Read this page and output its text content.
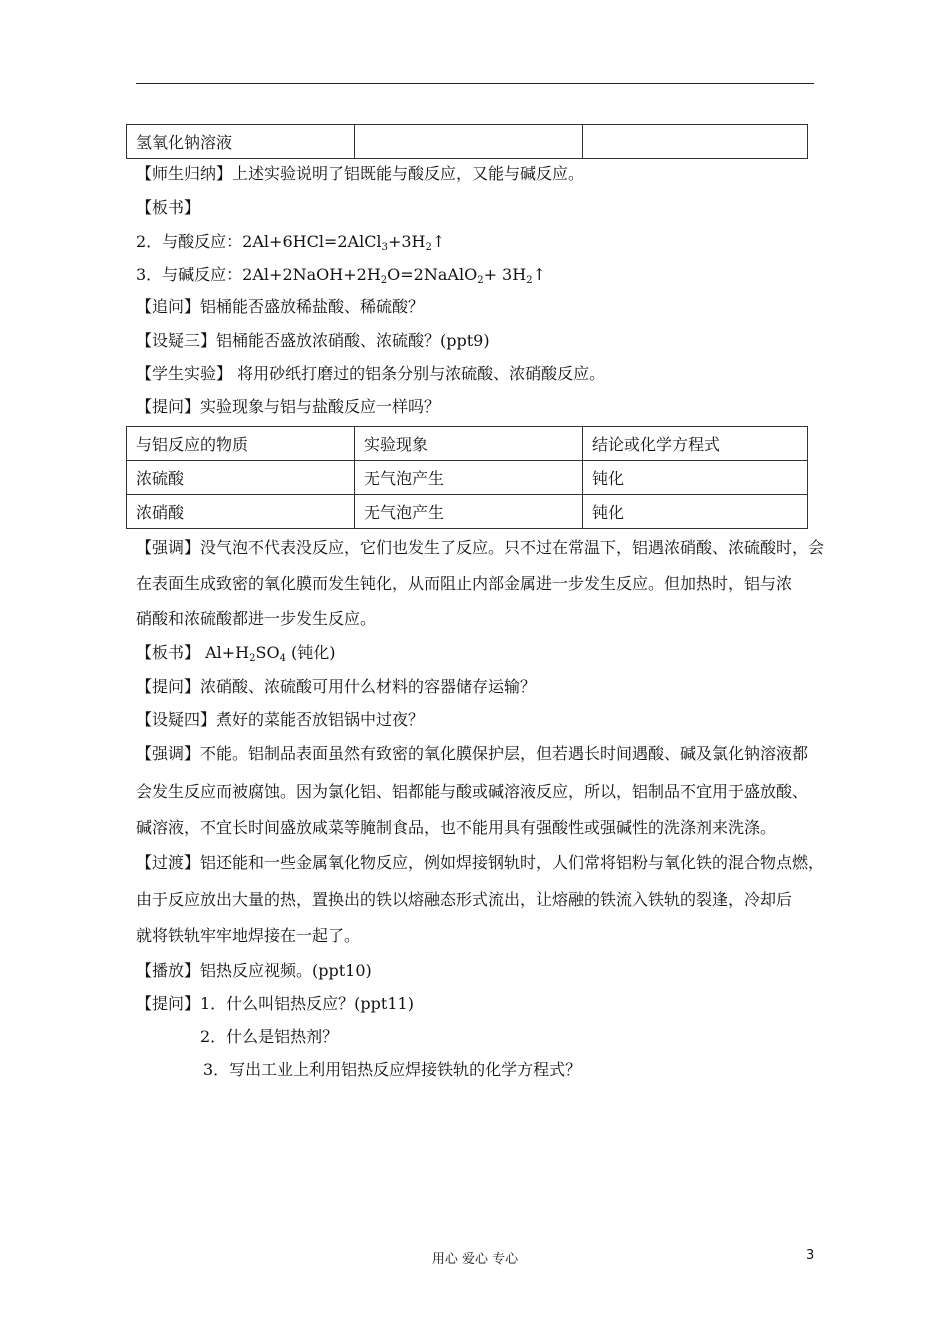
氢氧化钠溶液		
【师生归纳】上述实验说明了铝既能与酸反应，又能与碱反应。
【板书】
2．与酸反应：$2Al+6HCl=2AlCl_3+3H_2↑$
3．与碱反应：$2Al+2NaOH+2H_2O=2NaAlO_2+$ $3H_2↑$
【追问】铝桶能否盛放稀盐酸、稀硫酸？
【设疑三】铝桶能否盛放浓硝酸、浓硫酸？(ppt9)
【学生实验】 将用砂纸打磨过的铝条分别与浓硫酸、浓硝酸反应。
【提问】实验现象与铝与盐酸反应一样吗？
与铝反应的物质	实验现象	结论或化学方程式
浓硫酸	无气泡产生	钝化
浓硝酸	无气泡产生	钝化
【强调】没气泡不代表没反应，它们也发生了反应。只不过在常温下，铝遇浓硝酸、浓硫酸时，会
在表面生成致密的氧化膜而发生钝化，从而阻止内部金属进一步发生反应。但加热时，铝与浓
硝酸和浓硫酸都进一步发生反应。
【板书】 $Al+H_2SO_4$ (钝化)
【提问】浓硝酸、浓硫酸可用什么材料的容器储存运输？
【设疑四】煮好的菜能否放铝锅中过夜？
【强调】不能。铝制品表面虽然有致密的氧化膜保护层，但若遇长时间遇酸、碱及氯化钠溶液都
会发生反应而被腐蚀。因为氯化铝、铝都能与酸或碱溶液反应，所以，铝制品不宜用于盛放酸、
碱溶液，不宜长时间盛放咸菜等腌制食品，也不能用具有强酸性或强碱性的洗涤剂来洗涤。
【过渡】铝还能和一些金属氧化物反应，例如焊接钢轨时，人们常将铝粉与氧化铁的混合物点燃，
由于反应放出大量的热，置换出的铁以熔融态形式流出，让熔融的铁流入铁轨的裂逢，冷却后
就将铁轨牢牢地焊接在一起了。
【播放】铝热反应视频。(ppt10)
【提问】1．什么叫铝热反应？(ppt11)
2．什么是铝热剂？
3．写出工业上利用铝热反应焊接铁轨的化学方程式？
用心 爱心 专心	3
